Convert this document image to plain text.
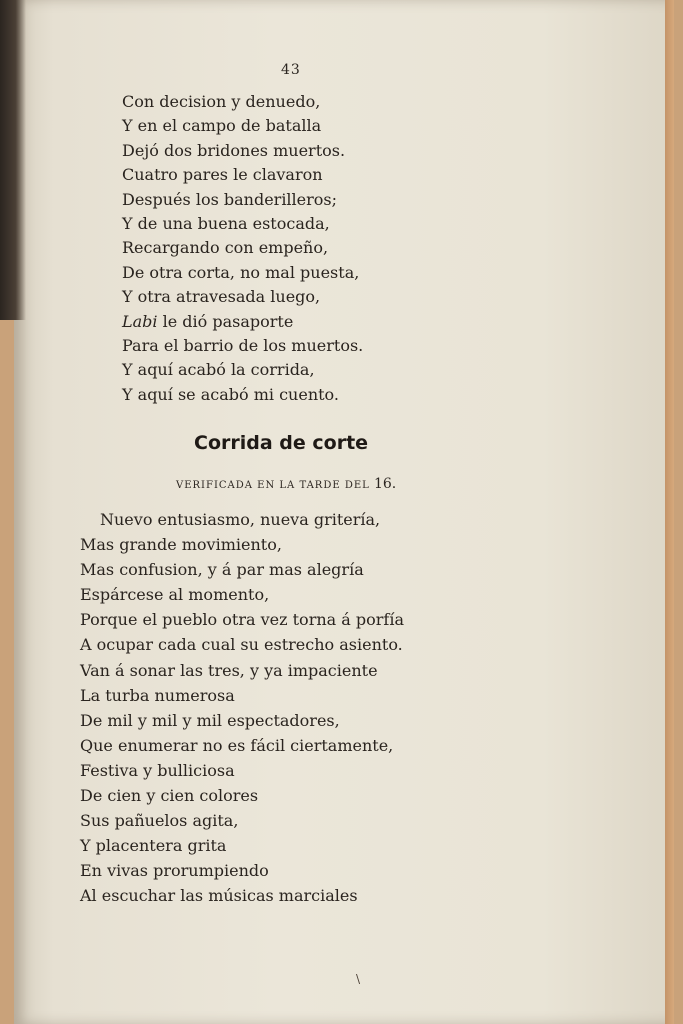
43
Con decision y denuedo,
Y en el campo de batalla
Dejó dos bridones muertos.
Cuatro pares le clavaron
Después los banderilleros;
Y de una buena estocada,
Recargando con empeño,
De otra corta, no mal puesta,
Y otra atravesada luego,
Labi le dió pasaporte
Para el barrio de los muertos.
Y aquí acabó la corrida,
Y aquí se acabó mi cuento.
Corrida de corte
VERIFICADA EN LA TARDE DEL 16.
Nuevo entusiasmo, nueva gritería,
Mas grande movimiento,
Mas confusion, y á par mas alegría
Espárcese al momento,
Porque el pueblo otra vez torna á porfía
A ocupar cada cual su estrecho asiento.
Van á sonar las tres, y ya impaciente
La turba numerosa
De mil y mil y mil espectadores,
Que enumerar no es fácil ciertamente,
Festiva y bulliciosa
De cien y cien colores
Sus pañuelos agita,
Y placentera grita
En vivas prorumpiendo
Al escuchar las músicas marciales
\
